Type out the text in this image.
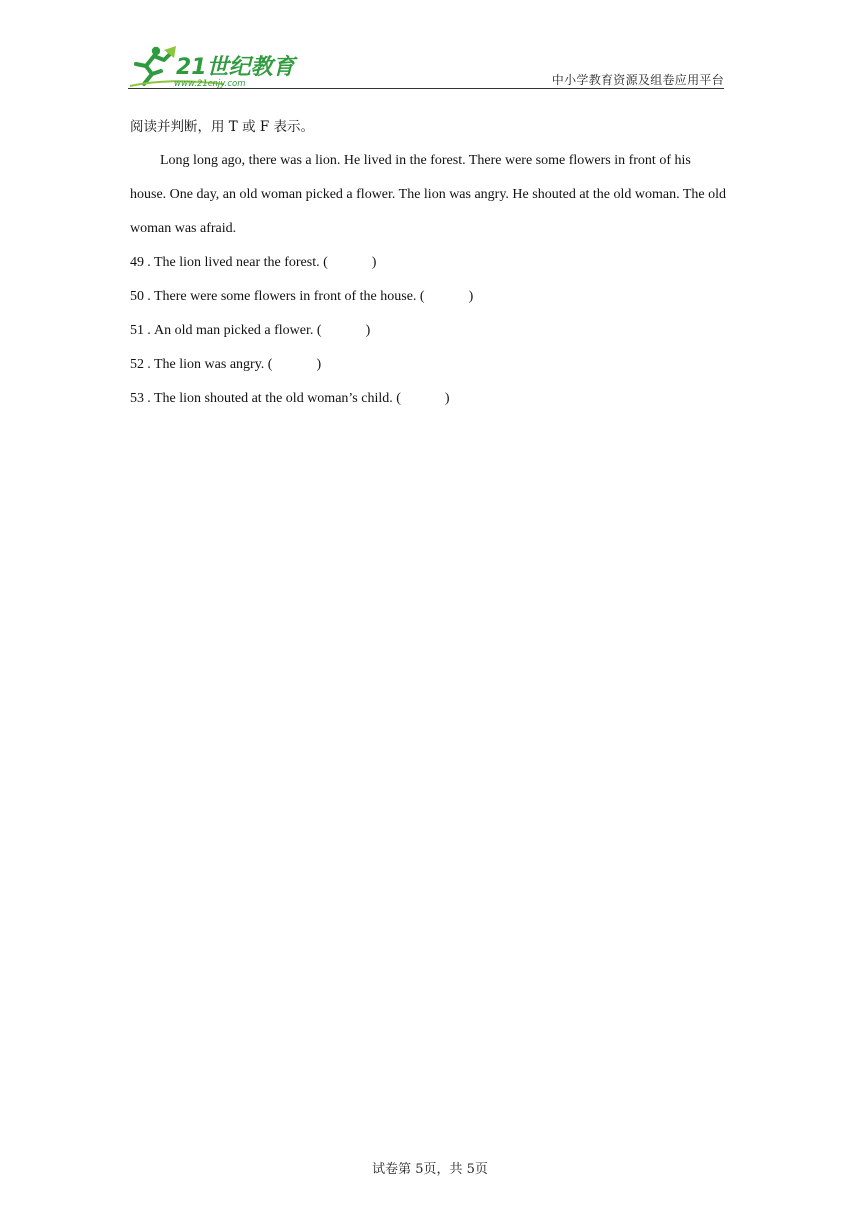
21世纪教育
www.21cnjy.com	中小学教育资源及组卷应用平台

阅读并判断，用 T 或 F 表示。

Long long ago, there was a lion. He lived in the forest. There were some flowers in front of his house. One day, an old woman picked a flower. The lion was angry. He shouted at the old woman. The old woman was afraid.

49 . The lion lived near the forest. (	)
50 . There were some flowers in front of the house. (	)
51 . An old man picked a flower. (	)
52 . The lion was angry. (	)
53 . The lion shouted at the old woman’s child. (	)
试卷第 5页，共 5页
